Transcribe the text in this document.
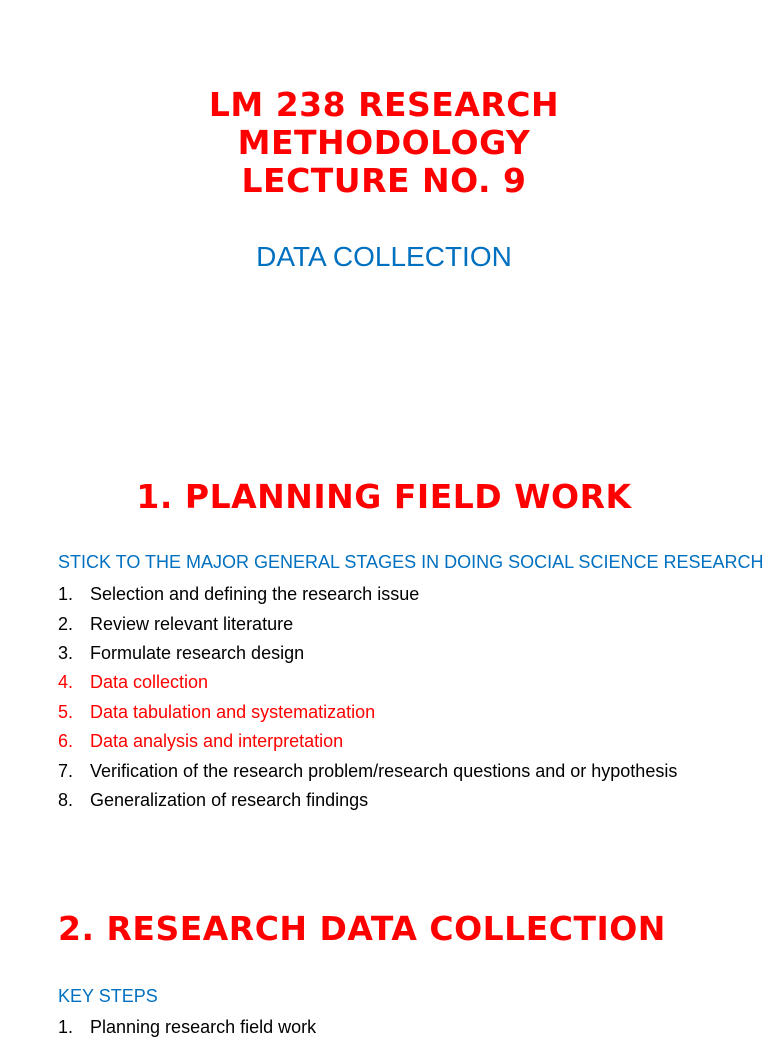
LM 238 RESEARCH
METHODOLOGY
LECTURE NO. 9
DATA COLLECTION
1. PLANNING FIELD WORK
STICK TO THE MAJOR GENERAL STAGES IN DOING SOCIAL SCIENCE RESEARCH
1. Selection and defining the research issue
2. Review relevant literature
3. Formulate research design
4. Data collection
5. Data tabulation and systematization
6. Data analysis and interpretation
7. Verification of the research problem/research questions and or hypothesis
8. Generalization of research findings
2. RESEARCH DATA COLLECTION
KEY STEPS
1. Planning research field work
